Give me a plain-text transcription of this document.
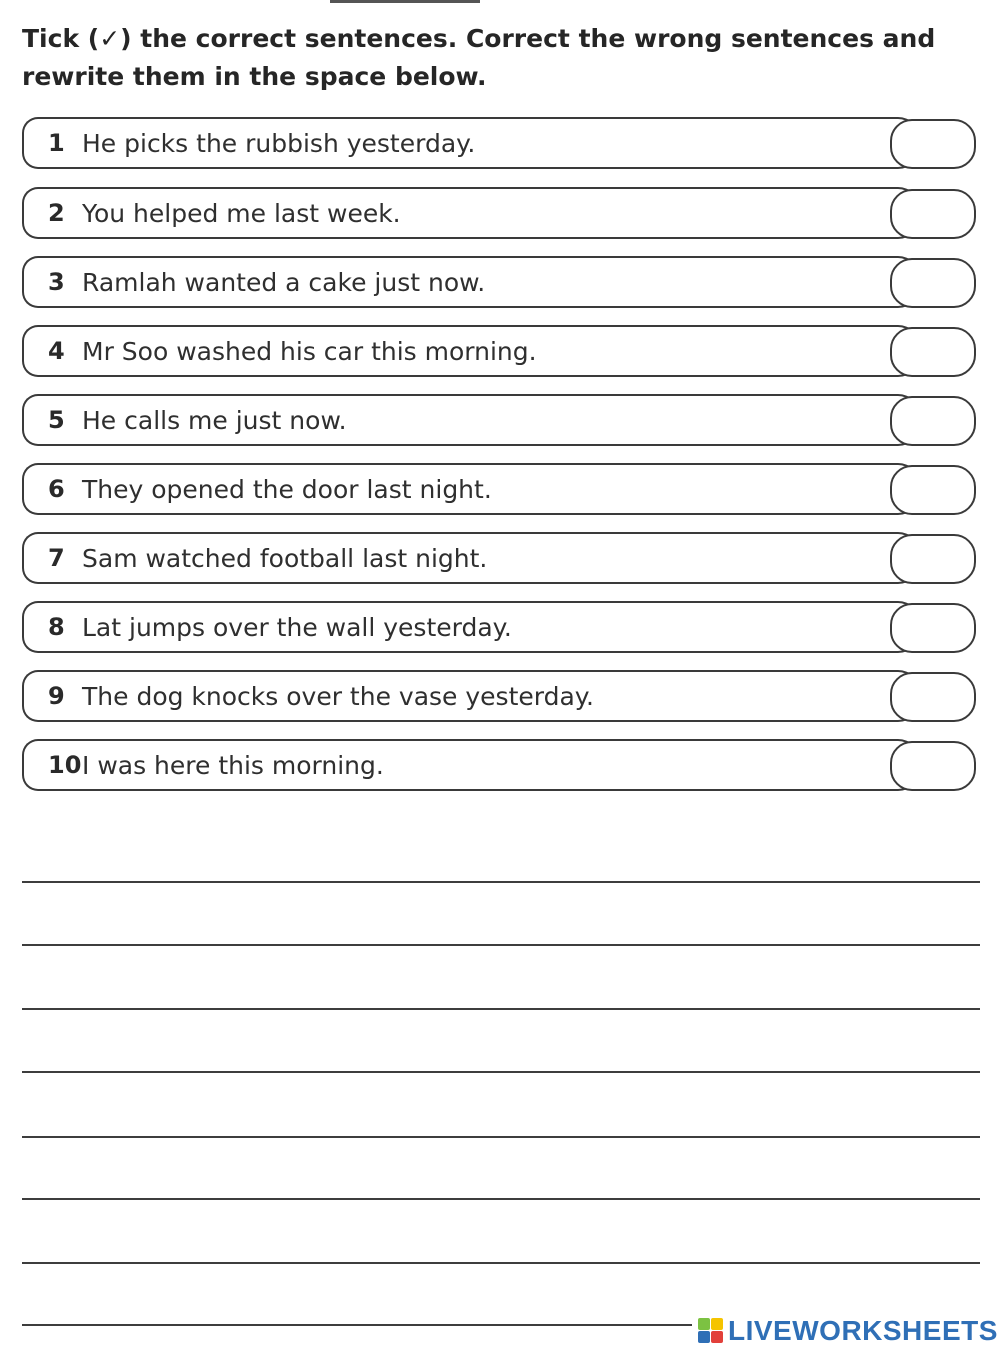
Tick (✓) the correct sentences. Correct the wrong sentences and rewrite them in the space below.
1 He picks the rubbish yesterday.
2 You helped me last week.
3 Ramlah wanted a cake just now.
4 Mr Soo washed his car this morning.
5 He calls me just now.
6 They opened the door last night.
7 Sam watched football last night.
8 Lat jumps over the wall yesterday.
9 The dog knocks over the vase yesterday.
10 I was here this morning.
LIVEWORKSHEETS
